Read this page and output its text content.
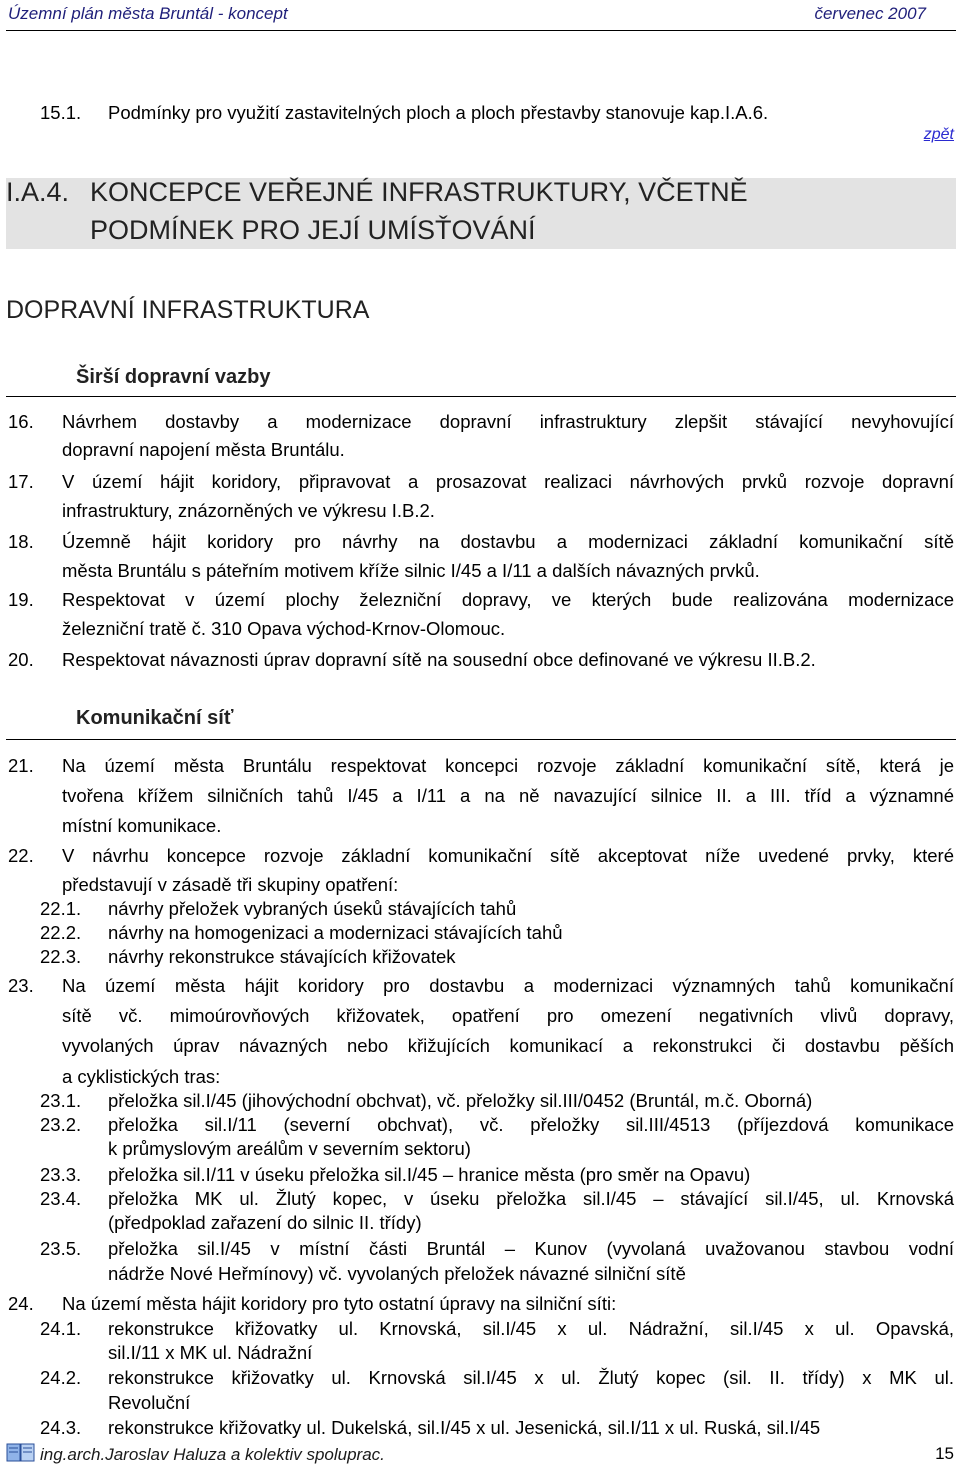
Územní plán města Bruntál - koncept	červenec 2007
15.1. Podmínky pro využití zastavitelných ploch a ploch přestavby stanovuje kap.I.A.6.
zpět
I.A.4. KONCEPCE VEŘEJNÉ INFRASTRUKTURY, VČETNĚ
PODMÍNEK PRO JEJÍ UMÍSŤOVÁNÍ
DOPRAVNÍ INFRASTRUKTURA
Širší dopravní vazby
16. Návrhem dostavby a modernizace dopravní infrastruktury zlepšit stávající nevyhovující
dopravní napojení města Bruntálu.
17. V území hájit koridory, připravovat a prosazovat realizaci návrhových prvků rozvoje dopravní
infrastruktury, znázorněných ve výkresu I.B.2.
18. Územně hájit koridory pro návrhy na dostavbu a modernizaci základní komunikační sítě
města Bruntálu s páteřním motivem kříže silnic I/45 a I/11 a dalších návazných prvků.
19. Respektovat v území plochy železniční dopravy, ve kterých bude realizována modernizace
železniční tratě č. 310 Opava východ-Krnov-Olomouc.
20. Respektovat návaznosti úprav dopravní sítě na sousední obce definované ve výkresu II.B.2.
Komunikační síť
21. Na území města Bruntálu respektovat koncepci rozvoje základní komunikační sítě, která je
tvořena křížem silničních tahů I/45 a I/11 a na ně navazující silnice II. a III. tříd a významné
místní komunikace.
22. V návrhu koncepce rozvoje základní komunikační sítě akceptovat níže uvedené prvky, které
představují v zásadě tři skupiny opatření:
22.1. návrhy přeložek vybraných úseků stávajících tahů
22.2. návrhy na homogenizaci a modernizaci stávajících tahů
22.3. návrhy rekonstrukce stávajících křižovatek
23. Na území města hájit koridory pro dostavbu a modernizaci významných tahů komunikační
sítě vč. mimoúrovňových křižovatek, opatření pro omezení negativních vlivů dopravy,
vyvolaných úprav návazných nebo křižujících komunikací a rekonstrukci či dostavbu pěších
a cyklistických tras:
23.1. přeložka sil.I/45 (jihovýchodní obchvat), vč. přeložky sil.III/0452 (Bruntál, m.č. Oborná)
23.2. přeložka sil.I/11 (severní obchvat), vč. přeložky sil.III/4513 (příjezdová komunikace
k průmyslovým areálům v severním sektoru)
23.3. přeložka sil.I/11 v úseku přeložka sil.I/45 – hranice města (pro směr na Opavu)
23.4. přeložka MK ul. Žlutý kopec, v úseku přeložka sil.I/45 – stávající sil.I/45, ul. Krnovská
(předpoklad zařazení do silnic II. třídy)
23.5. přeložka sil.I/45 v místní části Bruntál – Kunov (vyvolaná uvažovanou stavbou vodní
nádrže Nové Heřmínovy) vč. vyvolaných přeložek návazné silniční sítě
24. Na území města hájit koridory pro tyto ostatní úpravy na silniční síti:
24.1. rekonstrukce křižovatky ul. Krnovská, sil.I/45 x ul. Nádražní, sil.I/45 x ul. Opavská,
sil.I/11 x MK ul. Nádražní
24.2. rekonstrukce křižovatky ul. Krnovská sil.I/45 x ul. Žlutý kopec (sil. II. třídy) x MK ul.
Revoluční
24.3. rekonstrukce křižovatky ul. Dukelská, sil.I/45 x ul. Jesenická, sil.I/11 x ul. Ruská, sil.I/45
ing.arch.Jaroslav Haluza a kolektiv spoluprac.	15
